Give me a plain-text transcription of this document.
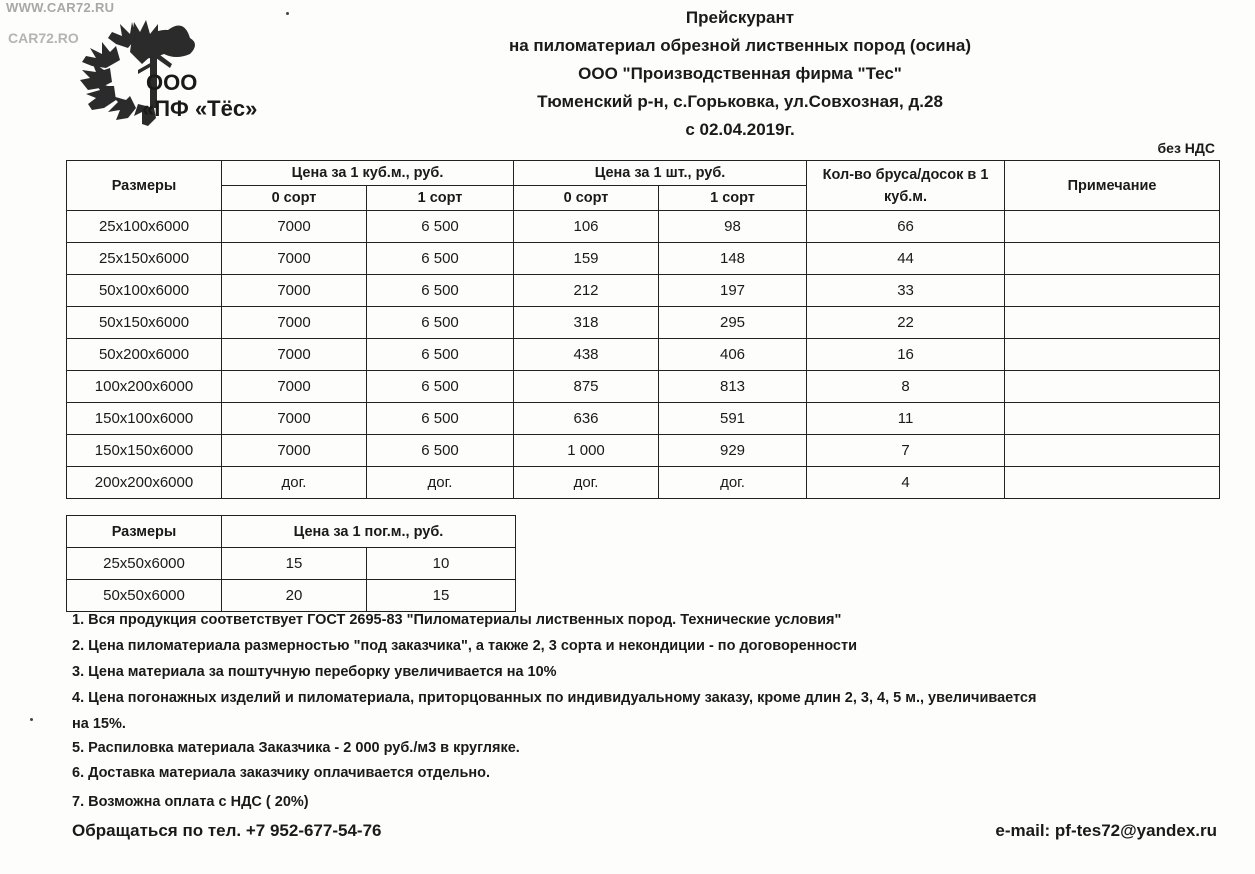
WWW.CAR72.RU
CAR72.RO
ООО
«ПФ «Тёс»
Прейскурант
на пиломатериал обрезной лиственных пород (осина)
ООО "Производственная фирма "Тес"
Тюменский р-н, с.Горьковка, ул.Совхозная, д.28
с 02.04.2019г.
без НДС
Размеры	Цена за 1 куб.м., руб.		Цена за 1 шт., руб.		Кол-во бруса/досок в 1 куб.м.	Примечание
	0 сорт	1 сорт	0 сорт	1 сорт		
25х100х6000	7000	6 500	106	98	66	
25х150х6000	7000	6 500	159	148	44	
50х100х6000	7000	6 500	212	197	33	
50х150х6000	7000	6 500	318	295	22	
50х200х6000	7000	6 500	438	406	16	
100х200х6000	7000	6 500	875	813	8	
150х100х6000	7000	6 500	636	591	11	
150х150х6000	7000	6 500	1 000	929	7	
200х200х6000	дог.	дог.	дог.	дог.	4	
Размеры	Цена за 1 пог.м., руб.	
25х50х6000	15	10
50х50х6000	20	15
1. Вся продукция соответствует ГОСТ 2695-83 "Пиломатериалы лиственных пород. Технические условия"
2. Цена пиломатериала размерностью "под заказчика", а также 2, 3 сорта и некондиции - по договоренности
3. Цена материала за поштучную переборку увеличивается на 10%
4. Цена погонажных изделий и пиломатериала, приторцованных по индивидуальному заказу, кроме длин 2, 3, 4, 5 м., увеличивается
на 15%.
5. Распиловка материала Заказчика - 2 000 руб./м3 в кругляке.
6. Доставка материала заказчику оплачивается отдельно.
7. Возможна оплата с НДС ( 20%)
Обращаться по тел. +7 952-677-54-76	e-mail: pf-tes72@yandex.ru
